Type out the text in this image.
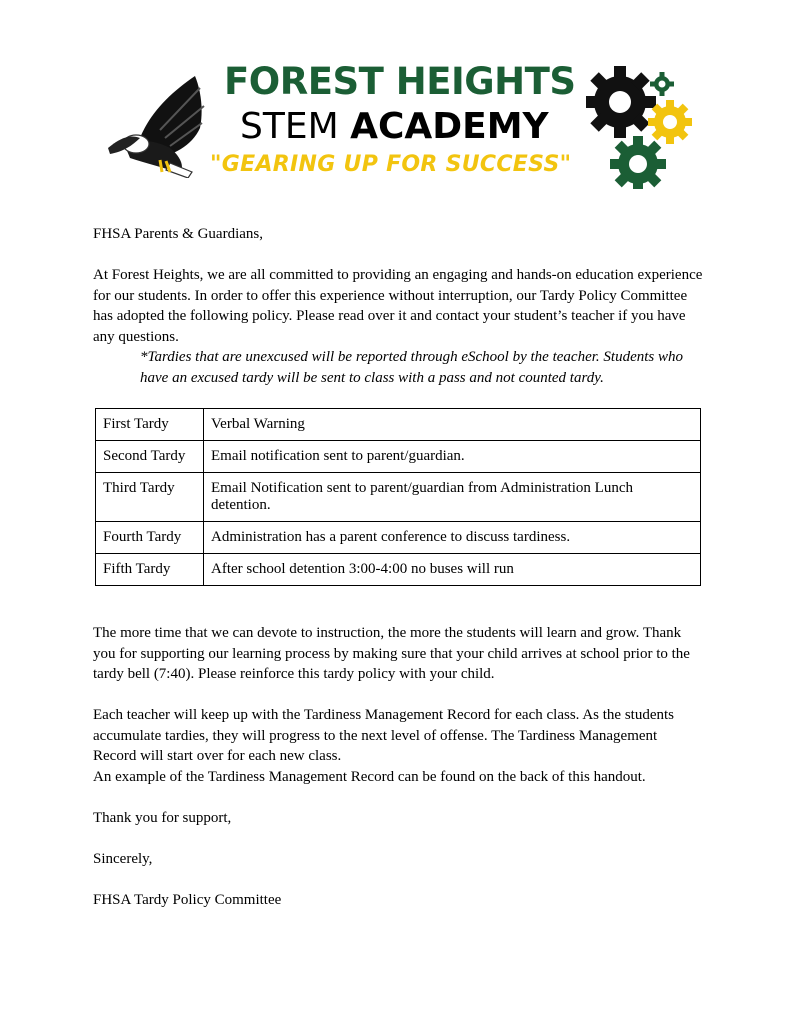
FOREST HEIGHTS
STEM ACADEMY
"GEARING UP FOR SUCCESS"

FHSA Parents & Guardians,

At Forest Heights, we are all committed to providing an engaging and hands-on education experience for our students. In order to offer this experience without interruption, our Tardy Policy Committee has adopted the following policy. Please read over it and contact your student’s teacher if you have any questions.

*Tardies that are unexcused will be reported through eSchool by the teacher. Students who have an excused tardy will be sent to class with a pass and not counted tardy.

First Tardy	Verbal Warning
Second Tardy	Email notification sent to parent/guardian.
Third Tardy	Email Notification sent to parent/guardian from Administration Lunch detention.
Fourth Tardy	Administration has a parent conference to discuss tardiness.
Fifth Tardy	After school detention 3:00-4:00 no buses will run

The more time that we can devote to instruction, the more the students will learn and grow. Thank you for supporting our learning process by making sure that your child arrives at school prior to the tardy bell (7:40). Please reinforce this tardy policy with your child.

Each teacher will keep up with the Tardiness Management Record for each class. As the students accumulate tardies, they will progress to the next level of offense. The Tardiness Management Record will start over for each new class.

An example of the Tardiness Management Record can be found on the back of this handout.

Thank you for support,

Sincerely,

FHSA Tardy Policy Committee
